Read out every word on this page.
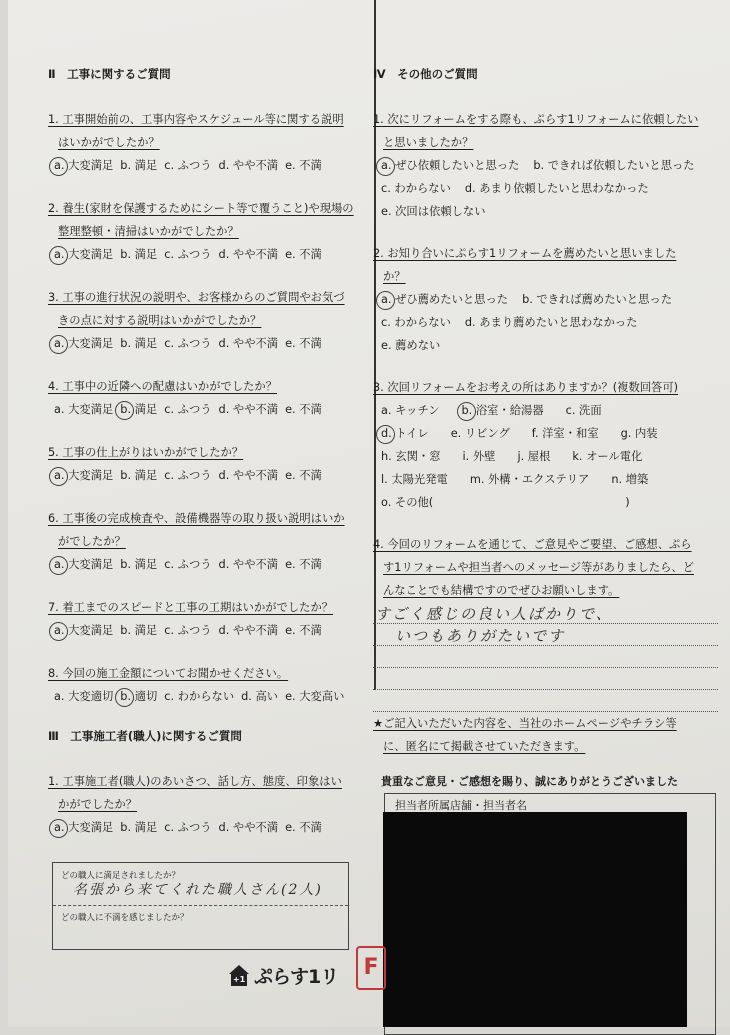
Ⅱ　工事に関するご質問
1. 工事開始前の、工事内容やスケジュール等に関する説明
はいかがでしたか？
a. 大変満足 b. 満足 c. ふつう d. やや不満 e. 不満
2. 養生(家財を保護するためにシート等で覆うこと)や現場の
整理整頓・清掃はいかがでしたか？
a. 大変満足 b. 満足 c. ふつう d. やや不満 e. 不満
3. 工事の進行状況の説明や、お客様からのご質問やお気づ
きの点に対する説明はいかがでしたか？
a. 大変満足 b. 満足 c. ふつう d. やや不満 e. 不満
4. 工事中の近隣への配慮はいかがでしたか？
a. 大変満足 b. 満足 c. ふつう d. やや不満 e. 不満
5. 工事の仕上がりはいかがでしたか？
a. 大変満足 b. 満足 c. ふつう d. やや不満 e. 不満
6. 工事後の完成検査や、設備機器等の取り扱い説明はいか
がでしたか？
a. 大変満足 b. 満足 c. ふつう d. やや不満 e. 不満
7. 着工までのスピードと工事の工期はいかがでしたか？
a. 大変満足 b. 満足 c. ふつう d. やや不満 e. 不満
8. 今回の施工金額についてお聞かせください。
a. 大変適切 b. 適切 c. わからない d. 高い e. 大変高い
Ⅲ　工事施工者(職人)に関するご質問
1. 工事施工者(職人)のあいさつ、話し方、態度、印象はい
かがでしたか？
a. 大変満足 b. 満足 c. ふつう d. やや不満 e. 不満
どの職人に満足されましたか？
名張から来てくれた職人さん(2人)
どの職人に不満を感じましたか？
Ⅳ　その他のご質問
1. 次にリフォームをする際も、ぷらす1リフォームに依頼したい
と思いましたか？
a. ぜひ依頼したいと思った b. できれば依頼したいと思った
c. わからない d. あまり依頼したいと思わなかった
e. 次回は依頼しない
2. お知り合いにぷらす1リフォームを薦めたいと思いました
か？
a. ぜひ薦めたいと思った b. できれば薦めたいと思った
c. わからない d. あまり薦めたいと思わなかった
e. 薦めない
3. 次回リフォームをお考えの所はありますか？(複数回答可)
a. キッチン b. 浴室・給湯器 c. 洗面
d. トイレ e. リビング f. 洋室・和室 g. 内装
h. 玄関・窓 i. 外壁 j. 屋根 k. オール電化
l. 太陽光発電 m. 外構・エクステリア n. 増築
o. その他(　　　　　　　　　　　　　　　　　)
4. 今回のリフォームを通じて、ご意見やご要望、ご感想、ぷら
す1リフォームや担当者へのメッセージ等がありましたら、ど
んなことでも結構ですのでぜひお願いします。
すごく感じの良い人ばかりで、
いつもありがたいです
★ご記入いただいた内容を、当社のホームページやチラシ等
に、匿名にて掲載させていただきます。
貴重なご意見・ご感想を賜り、誠にありがとうございました
担当者所属店舗・担当者名
+1
ぷらす1リ	F
